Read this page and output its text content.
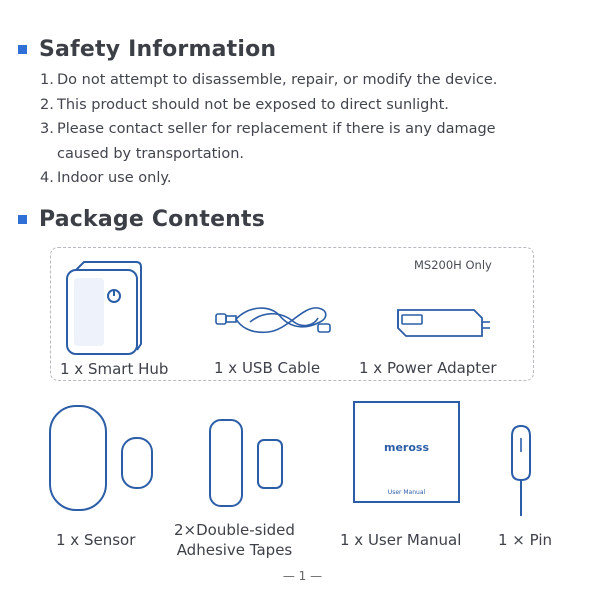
Safety Information
1. Do not attempt to disassemble, repair, or modify the device.
2. This product should not be exposed to direct sunlight.
3. Please contact seller for replacement if there is any damage
caused by transportation.
4. Indoor use only.
Package Contents
MS200H Only
1 x Smart Hub	1 x USB Cable	1 x Power Adapter
meross
User Manual
1 x Sensor
2×Double-sided
Adhesive Tapes
1 x User Manual 1 × Pin
— 1 —
